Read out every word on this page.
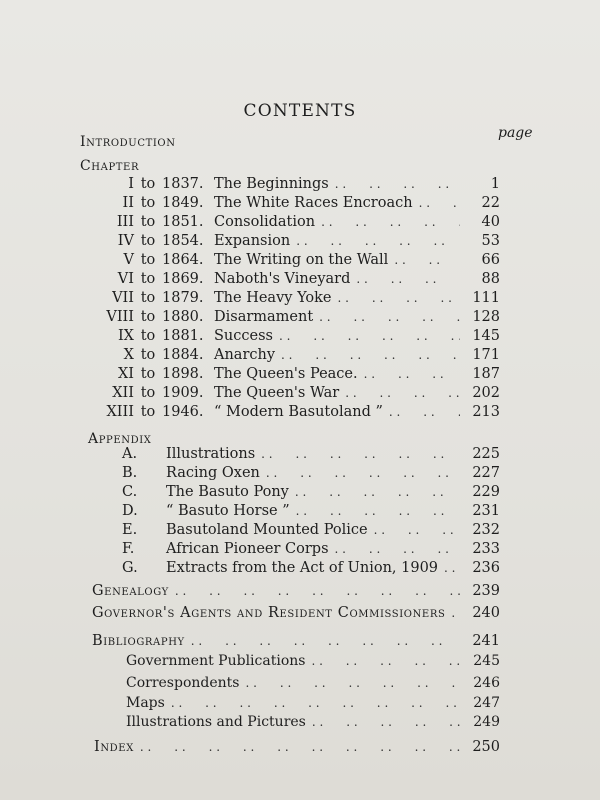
CONTENTS
page
Introduction
Chapter
I to 1837. The Beginnings . .	1
II to 1849. The White Races Encroach . .	22
III to 1851. Consolidation . .	40
IV to 1854. Expansion . .	53
V to 1864. The Writing on the Wall . .	66
VI to 1869. Naboth's Vineyard . .	88
VII to 1879. The Heavy Yoke . .	111
VIII to 1880. Disarmament . .	128
IX to 1881. Success . .	145
X to 1884. Anarchy . .	171
XI to 1898. The Queen's Peace. . .	187
XII to 1909. The Queen's War . .	202
XIII to 1946. “ Modern Basutoland ” . .	213
Appendix
A.	Illustrations . .	225
B.	Racing Oxen . .	227
C.	The Basuto Pony . .	229
D.	“ Basuto Horse ” . .	231
E.	Basutoland Mounted Police . .	232
F.	African Pioneer Corps . .	233
G.	Extracts from the Act of Union, 1909 . .	236
Genealogy . .	239
Governor's Agents and Resident Commissioners . .	240
Bibliography . .	241
Government Publications . .	245
Correspondents . .	246
Maps . .	247
Illustrations and Pictures . .	249
Index . .	250
